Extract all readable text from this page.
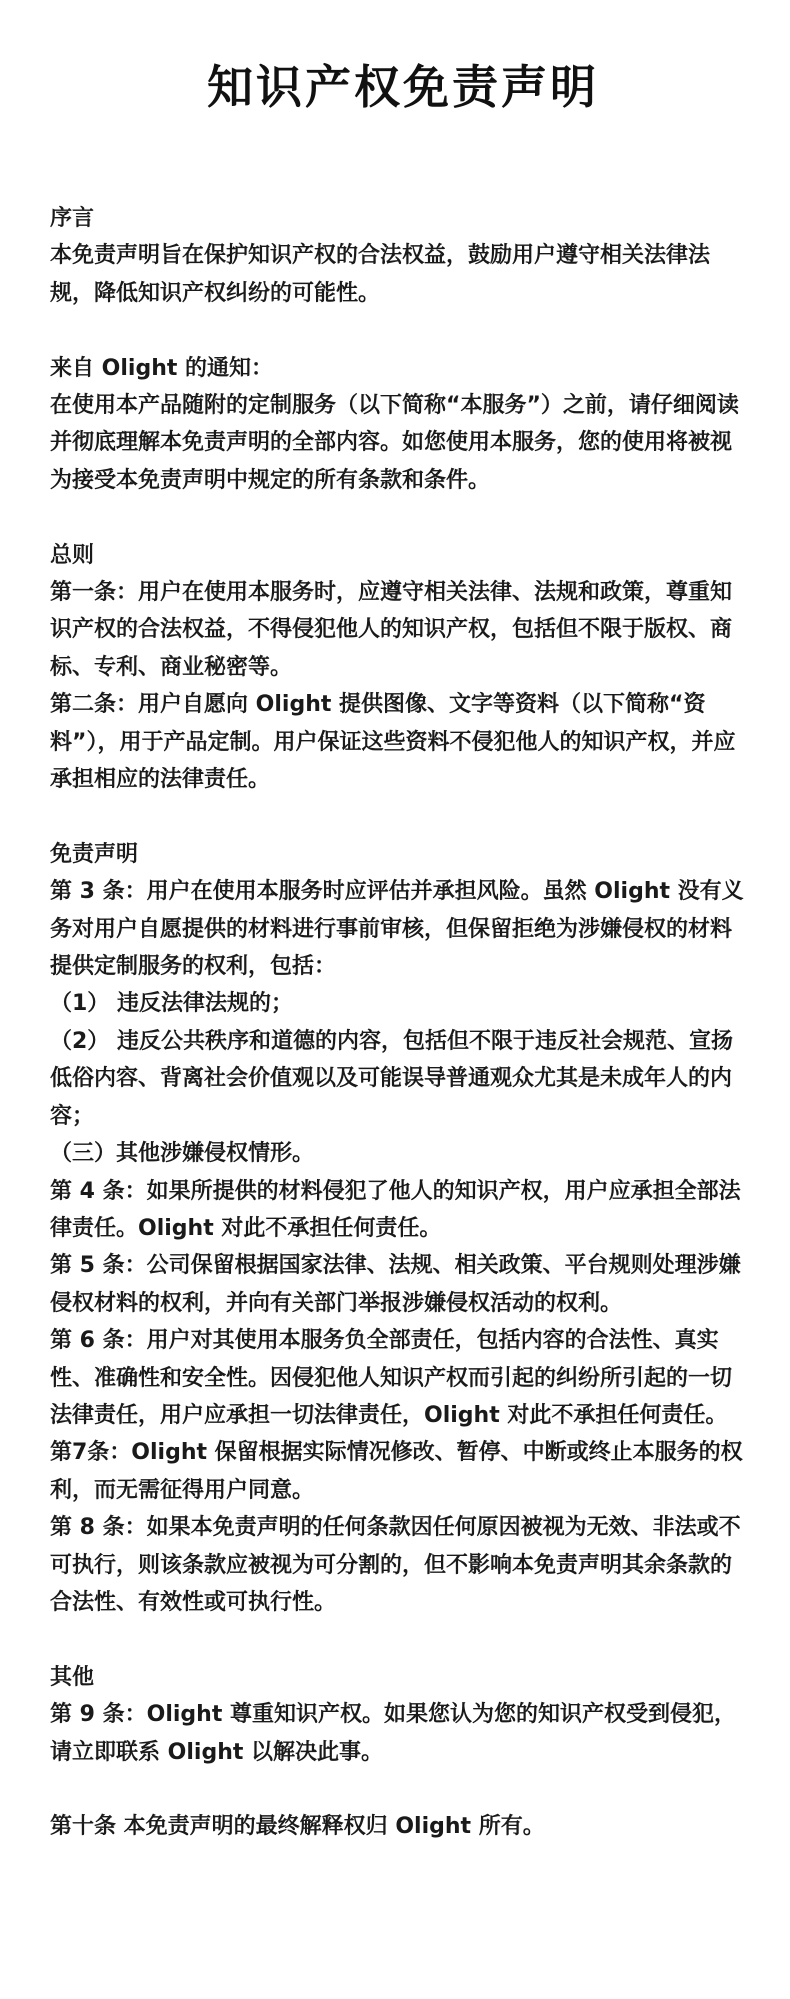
知识产权免责声明
序言
本免责声明旨在保护知识产权的合法权益，鼓励用户遵守相关法律法规，降低知识产权纠纷的可能性。
来自 Olight 的通知：
在使用本产品随附的定制服务（以下简称“本服务”）之前，请仔细阅读并彻底理解本免责声明的全部内容。如您使用本服务，您的使用将被视为接受本免责声明中规定的所有条款和条件。
总则
第一条：用户在使用本服务时，应遵守相关法律、法规和政策，尊重知识产权的合法权益，不得侵犯他人的知识产权，包括但不限于版权、商标、专利、商业秘密等。
第二条：用户自愿向 Olight 提供图像、文字等资料（以下简称“资料”），用于产品定制。用户保证这些资料不侵犯他人的知识产权，并应承担相应的法律责任。
免责声明
第 3 条：用户在使用本服务时应评估并承担风险。虽然 Olight 没有义务对用户自愿提供的材料进行事前审核，但保留拒绝为涉嫌侵权的材料提供定制服务的权利，包括：
（1） 违反法律法规的；
（2） 违反公共秩序和道德的内容，包括但不限于违反社会规范、宣扬低俗内容、背离社会价值观以及可能误导普通观众尤其是未成年人的内容；
（三）其他涉嫌侵权情形。
第 4 条：如果所提供的材料侵犯了他人的知识产权，用户应承担全部法律责任。Olight 对此不承担任何责任。
第 5 条：公司保留根据国家法律、法规、相关政策、平台规则处理涉嫌侵权材料的权利，并向有关部门举报涉嫌侵权活动的权利。
第 6 条：用户对其使用本服务负全部责任，包括内容的合法性、真实性、准确性和安全性。因侵犯他人知识产权而引起的纠纷所引起的一切法律责任，用户应承担一切法律责任，Olight 对此不承担任何责任。
第7条：Olight 保留根据实际情况修改、暂停、中断或终止本服务的权利，而无需征得用户同意。
第 8 条：如果本免责声明的任何条款因任何原因被视为无效、非法或不可执行，则该条款应被视为可分割的，但不影响本免责声明其余条款的合法性、有效性或可执行性。
其他
第 9 条：Olight 尊重知识产权。如果您认为您的知识产权受到侵犯，请立即联系 Olight 以解决此事。
第十条 本免责声明的最终解释权归 Olight 所有。
